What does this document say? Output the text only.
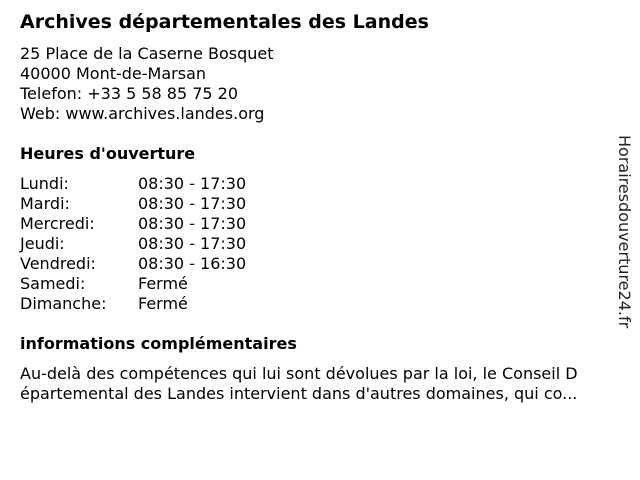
Archives départementales des Landes
25 Place de la Caserne Bosquet
40000 Mont-de-Marsan
Telefon: +33 5 58 85 75 20
Web: www.archives.landes.org
Heures d'ouverture
Lundi:	08:30 - 17:30
Mardi:	08:30 - 17:30
Mercredi:	08:30 - 17:30
Jeudi:	08:30 - 17:30
Vendredi:	08:30 - 16:30
Samedi:	Fermé
Dimanche: Fermé
informations complémentaires
Au-delà des compétences qui lui sont dévolues par la loi, le Conseil D
épartemental des Landes intervient dans d'autres domaines, qui co...
Horairesdouverture24.fr
